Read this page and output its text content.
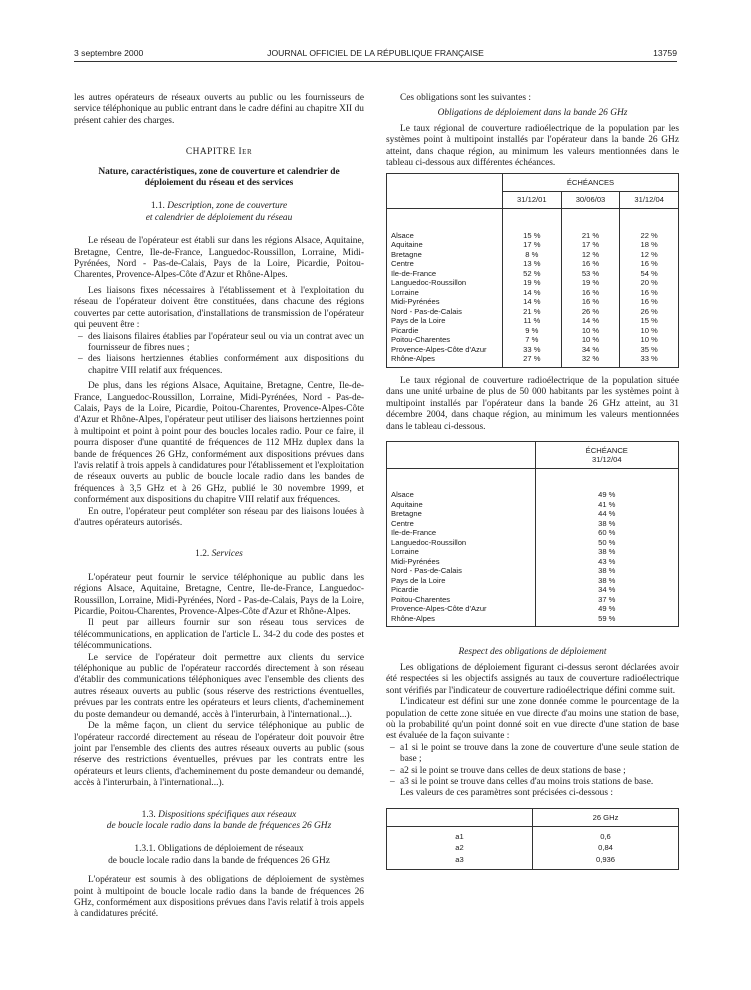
3 septembre 2000	JOURNAL OFFICIEL DE LA RÉPUBLIQUE FRANÇAISE	13759

les autres opérateurs de réseaux ouverts au public ou les fournisseurs de service téléphonique au public entrant dans le cadre défini au chapitre XII du présent cahier des charges.

CHAPITRE Ier

Nature, caractéristiques, zone de couverture et calendrier de déploiement du réseau et des services

1.1. Description, zone de couverture

et calendrier de déploiement du réseau

Le réseau de l'opérateur est établi sur dans les régions Alsace, Aquitaine, Bretagne, Centre, Ile-de-France, Languedoc-Roussillon, Lorraine, Midi-Pyrénées, Nord - Pas-de-Calais, Pays de la Loire, Picardie, Poitou-Charentes, Provence-Alpes-Côte d'Azur et Rhône-Alpes.

Les liaisons fixes nécessaires à l'établissement et à l'exploitation du réseau de l'opérateur doivent être constituées, dans chacune des régions couvertes par cette autorisation, d'installations de transmission de l'opérateur qui peuvent être :

– des liaisons filaires établies par l'opérateur seul ou via un contrat avec un fournisseur de fibres nues ;

– des liaisons hertziennes établies conformément aux dispositions du chapitre VIII relatif aux fréquences.

De plus, dans les régions Alsace, Aquitaine, Bretagne, Centre, Ile-de-France, Languedoc-Roussillon, Lorraine, Midi-Pyrénées, Nord - Pas-de-Calais, Pays de la Loire, Picardie, Poitou-Charentes, Provence-Alpes-Côte d'Azur et Rhône-Alpes, l'opérateur peut utiliser des liaisons hertziennes point à multipoint et point à point pour des boucles locales radio. Pour ce faire, il pourra disposer d'une quantité de fréquences de 112 MHz duplex dans la bande de fréquences 26 GHz, conformément aux dispositions prévues dans l'avis relatif à trois appels à candidatures pour l'établissement et l'exploitation de réseaux ouverts au public de boucle locale radio dans les bandes de fréquences à 3,5 GHz et à 26 GHz, publié le 30 novembre 1999, et conformément aux dispositions du chapitre VIII relatif aux fréquences.

En outre, l'opérateur peut compléter son réseau par des liaisons louées à d'autres opérateurs autorisés.

1.2. Services

L'opérateur peut fournir le service téléphonique au public dans les régions Alsace, Aquitaine, Bretagne, Centre, Ile-de-France, Languedoc-Roussillon, Lorraine, Midi-Pyrénées, Nord - Pas-de-Calais, Pays de la Loire, Picardie, Poitou-Charentes, Provence-Alpes-Côte d'Azur et Rhône-Alpes.

Il peut par ailleurs fournir sur son réseau tous services de télécommunications, en application de l'article L. 34-2 du code des postes et télécommunications.

Le service de l'opérateur doit permettre aux clients du service téléphonique au public de l'opérateur raccordés directement à son réseau d'établir des communications téléphoniques avec l'ensemble des clients des autres réseaux ouverts au public (sous réserve des restrictions éventuelles, prévues par les contrats entre les opérateurs et leurs clients, d'acheminement du poste demandeur ou demandé, accès à l'interurbain, à l'international...).

De la même façon, un client du service téléphonique au public de l'opérateur raccordé directement au réseau de l'opérateur doit pouvoir être joint par l'ensemble des clients des autres réseaux ouverts au public (sous réserve des restrictions éventuelles, prévues par les contrats entre les opérateurs et leurs clients, d'acheminement du poste demandeur ou demandé, accès à l'interurbain, à l'international...).

1.3. Dispositions spécifiques aux réseaux

de boucle locale radio dans la bande de fréquences 26 GHz

1.3.1. Obligations de déploiement de réseaux

de boucle locale radio dans la bande de fréquences 26 GHz

L'opérateur est soumis à des obligations de déploiement de systèmes point à multipoint de boucle locale radio dans la bande de fréquences 26 GHz, conformément aux dispositions prévues dans l'avis relatif à trois appels à candidatures précité.

Ces obligations sont les suivantes :

Obligations de déploiement dans la bande 26 GHz

Le taux régional de couverture radioélectrique de la population par les systèmes point à multipoint installés par l'opérateur dans la bande 26 GHz atteint, dans chaque région, au minimum les valeurs mentionnées dans le tableau ci-dessous aux différentes échéances.

	ÉCHÉANCES		
	31/12/01	30/06/03	31/12/04

Alsace	15 %	21 %	22 %
Aquitaine	17 %	17 %	18 %
Bretagne	8 %	12 %	12 %
Centre	13 %	16 %	16 %
Ile-de-France	52 %	53 %	54 %
Languedoc-Roussillon	19 %	19 %	20 %
Lorraine	14 %	16 %	16 %
Midi-Pyrénées	14 %	16 %	16 %
Nord - Pas-de-Calais	21 %	26 %	26 %
Pays de la Loire	11 %	14 %	15 %
Picardie	9 %	10 %	10 %
Poitou-Charentes	7 %	10 %	10 %
Provence-Alpes-Côte d'Azur	33 %	34 %	35 %
Rhône-Alpes	27 %	32 %	33 %

Le taux régional de couverture radioélectrique de la population située dans une unité urbaine de plus de 50 000 habitants par les systèmes point à multipoint installés par l'opérateur dans la bande 26 GHz atteint, au 31 décembre 2004, dans chaque région, au minimum les valeurs mentionnées dans le tableau ci-dessous.

	ÉCHÉANCE
31/12/04

Alsace	49 %
Aquitaine	41 %
Bretagne	44 %
Centre	38 %
Ile-de-France	60 %
Languedoc-Roussillon	50 %
Lorraine	38 %
Midi-Pyrénées	43 %
Nord - Pas-de-Calais	38 %
Pays de la Loire	38 %
Picardie	34 %
Poitou-Charentes	37 %
Provence-Alpes-Côte d'Azur	49 %
Rhône-Alpes	59 %

Respect des obligations de déploiement

Les obligations de déploiement figurant ci-dessus seront déclarées avoir été respectées si les objectifs assignés au taux de couverture radioélectrique sont vérifiés par l'indicateur de couverture radioélectrique défini comme suit.

L'indicateur est défini sur une zone donnée comme le pourcentage de la population de cette zone située en vue directe d'au moins une station de base, où la probabilité qu'un point donné soit en vue directe d'une station de base est évaluée de la façon suivante :

– a1 si le point se trouve dans la zone de couverture d'une seule station de base ;

– a2 si le point se trouve dans celles de deux stations de base ;

– a3 si le point se trouve dans celles d'au moins trois stations de base.

Les valeurs de ces paramètres sont précisées ci-dessous :

	26 GHz

a1	0,6
a2	0,84
a3	0,936
